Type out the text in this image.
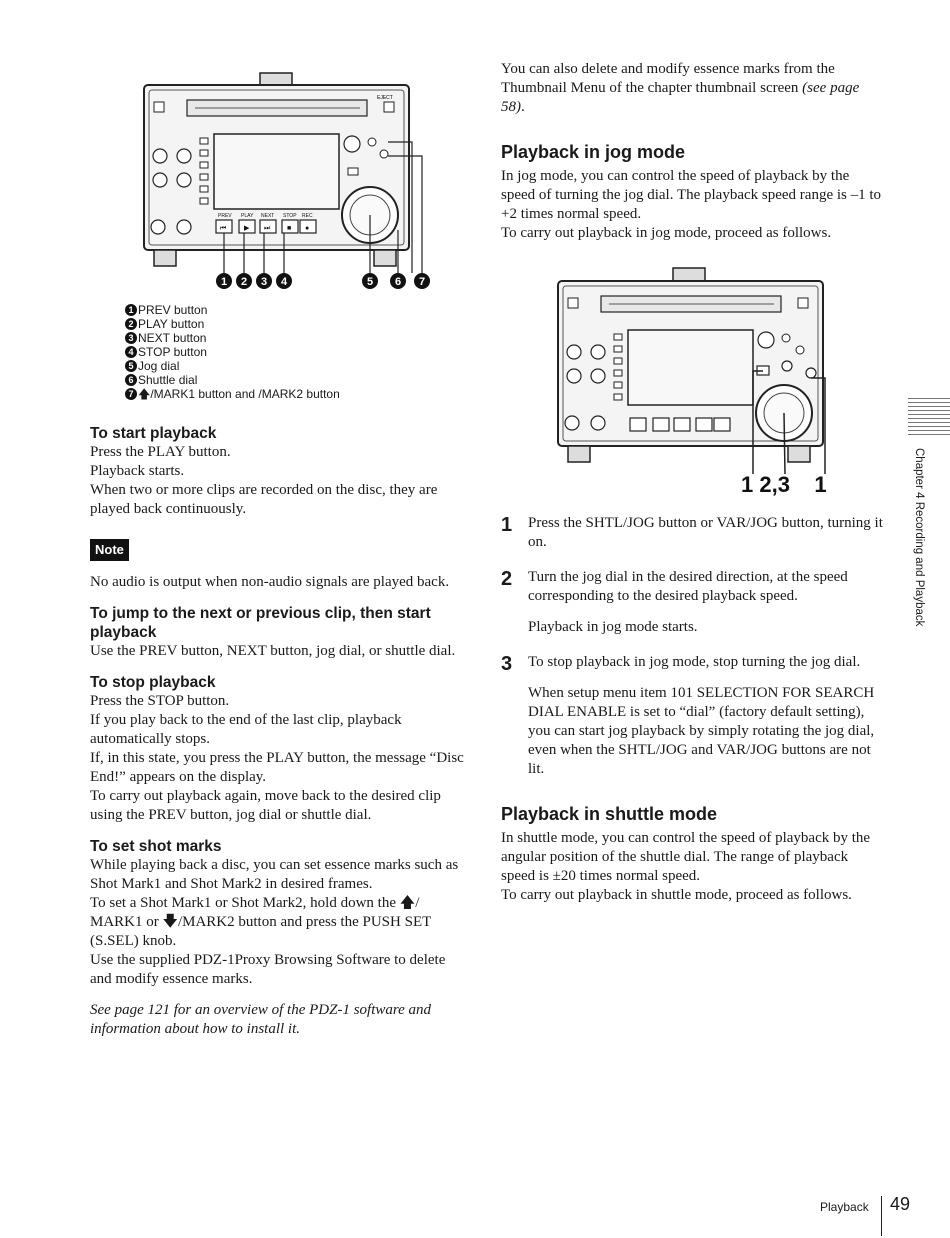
EJECT
PREV PLAY NEXT STOP REC
⏮	▶ ⏭ ■ ●
1 2 3 4	5 6 7
1 PREV button
2 PLAY button
3 NEXT button
4 STOP button
5 Jog dial
6 Shuttle dial
7 🡅 /MARK1 button and /MARK2 button
To start playback

Press the PLAY button.

Playback starts.

When two or more clips are recorded on the disc, they are played back continuously.

Note

No audio is output when non-audio signals are played back.

To jump to the next or previous clip, then start playback

Use the PREV button, NEXT button, jog dial, or shuttle dial.

To stop playback

Press the STOP button.

If you play back to the end of the last clip, playback automatically stops.

If, in this state, you press the PLAY button, the message “Disc End!” appears on the display.

To carry out playback again, move back to the desired clip using the PREV button, jog dial or shuttle dial.

To set shot marks

While playing back a disc, you can set essence marks such as Shot Mark1 and Shot Mark2 in desired frames.

To set a Shot Mark1 or Shot Mark2, hold down the 🡅/ MARK1 or 🡇/MARK2 button and press the PUSH SET (S.SEL) knob.

Use the supplied PDZ-1Proxy Browsing Software to delete and modify essence marks.

See page 121 for an overview of the PDZ-1 software and information about how to install it.

You can also delete and modify essence marks from the Thumbnail Menu of the chapter thumbnail screen (see page 58).

Playback in jog mode

In jog mode, you can control the speed of playback by the speed of turning the jog dial. The playback speed range is –1 to +2 times normal speed.

To carry out playback in jog mode, proceed as follows.

1 2,3    1
1	Press the SHTL/JOG button or VAR/JOG button, turning it on.

2	Turn the jog dial in the desired direction, at the speed corresponding to the desired playback speed.

Playback in jog mode starts.

3	To stop playback in jog mode, stop turning the jog dial.

When setup menu item 101 SELECTION FOR SEARCH DIAL ENABLE is set to “dial” (factory default setting), you can start jog playback by simply rotating the jog dial, even when the SHTL/JOG and VAR/JOG buttons are not lit.

Playback in shuttle mode

In shuttle mode, you can control the speed of playback by the angular position of the shuttle dial. The range of playback speed is ±20 times normal speed.

To carry out playback in shuttle mode, proceed as follows.

Chapter 4 Recording and Playback
Playback 49
